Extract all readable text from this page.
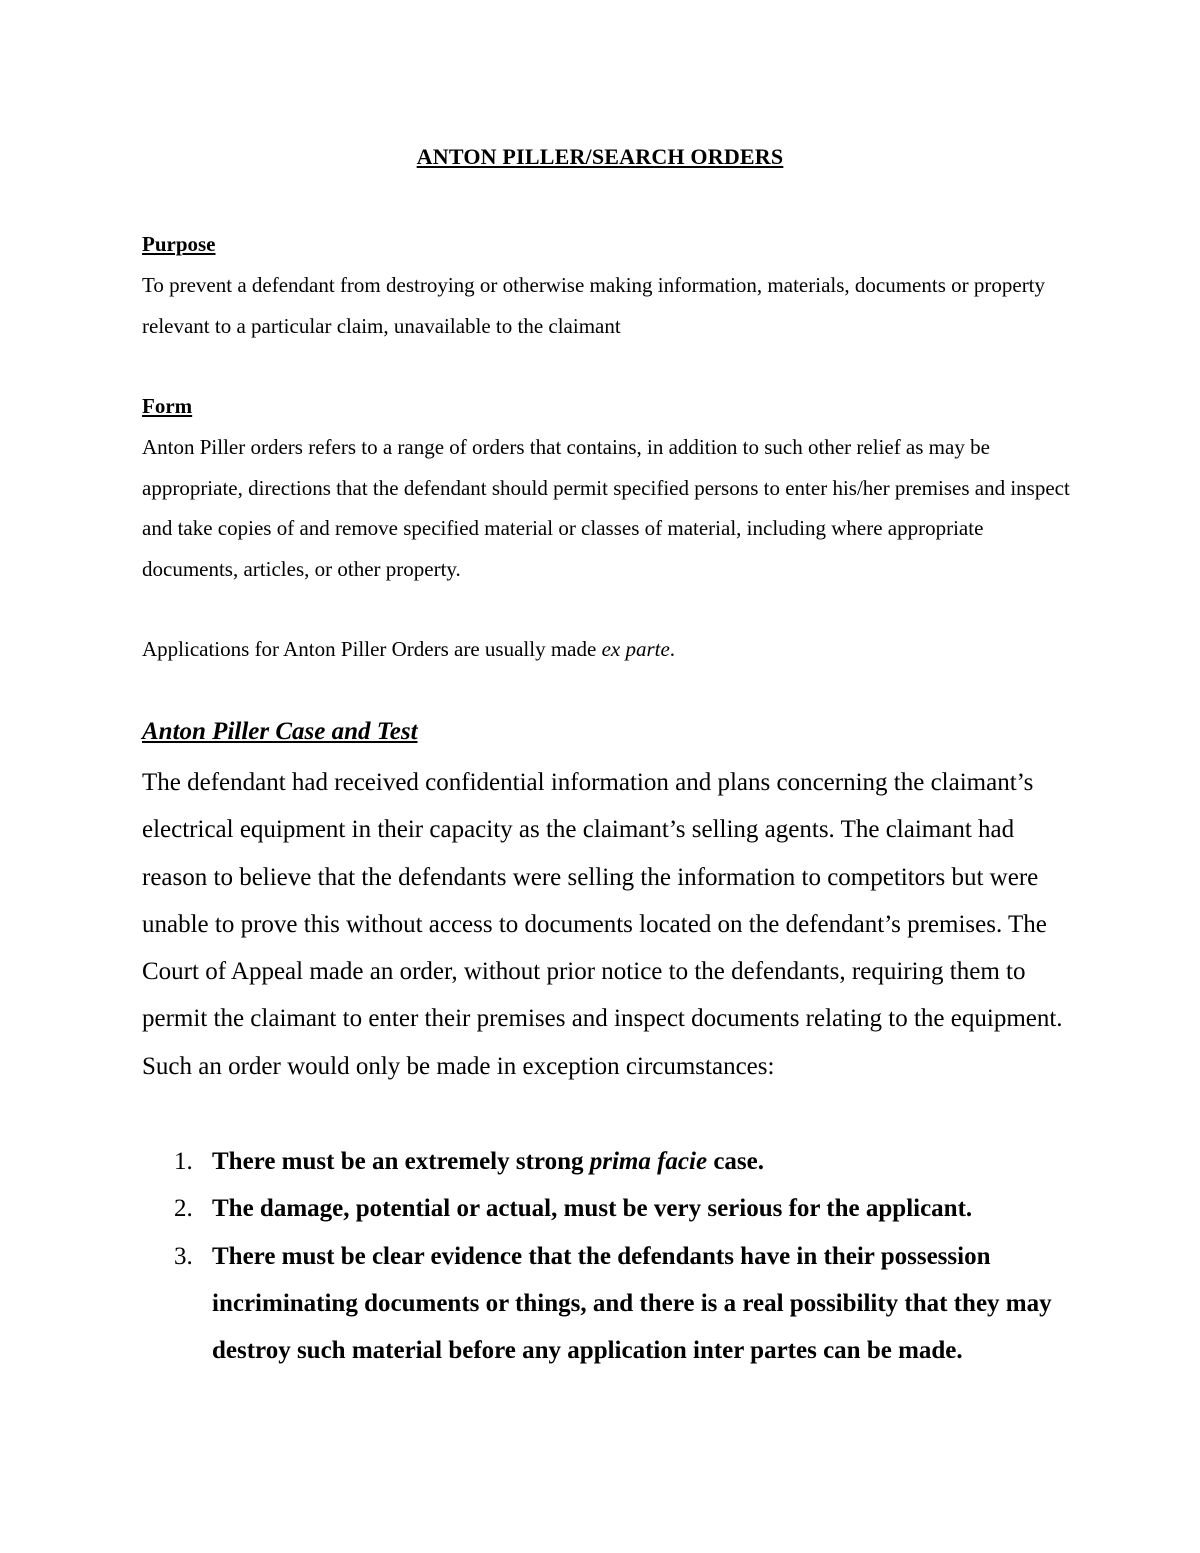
ANTON PILLER/SEARCH ORDERS
Purpose
To prevent a defendant from destroying or otherwise making information, materials, documents or property relevant to a particular claim, unavailable to the claimant
Form
Anton Piller orders refers to a range of orders that contains, in addition to such other relief as may be appropriate, directions that the defendant should permit specified persons to enter his/her premises and inspect and take copies of and remove specified material or classes of material, including where appropriate documents, articles, or other property.
Applications for Anton Piller Orders are usually made ex parte.
Anton Piller Case and Test
The defendant had received confidential information and plans concerning the claimant’s electrical equipment in their capacity as the claimant’s selling agents. The claimant had reason to believe that the defendants were selling the information to competitors but were unable to prove this without access to documents located on the defendant’s premises. The Court of Appeal made an order, without prior notice to the defendants, requiring them to permit the claimant to enter their premises and inspect documents relating to the equipment. Such an order would only be made in exception circumstances:
1. There must be an extremely strong prima facie case.
2. The damage, potential or actual, must be very serious for the applicant.
3. There must be clear evidence that the defendants have in their possession incriminating documents or things, and there is a real possibility that they may destroy such material before any application inter partes can be made.
